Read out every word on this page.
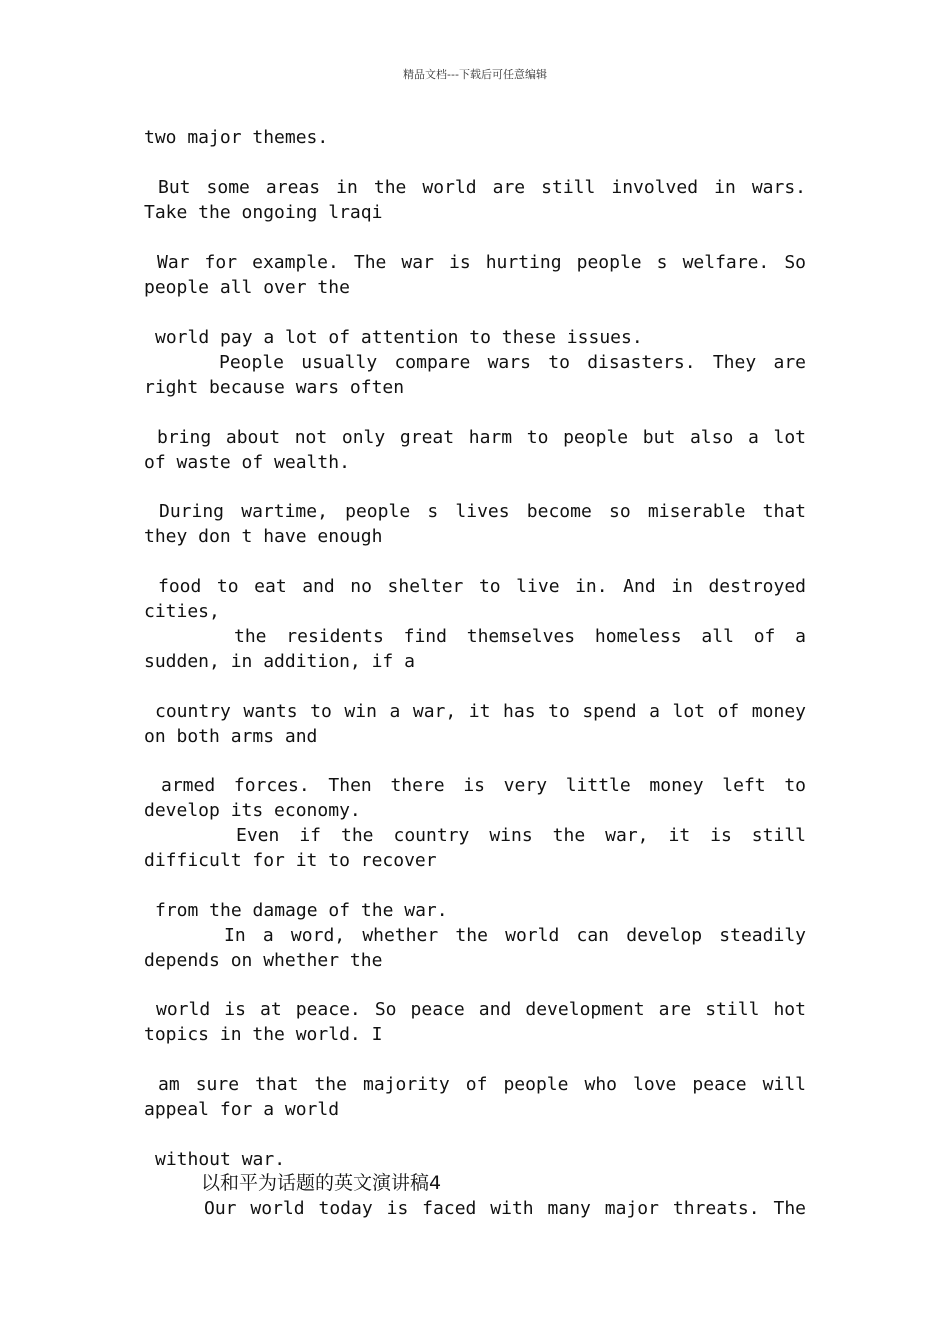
精品文档---下载后可任意编辑

two major themes.

But some areas in the world are still involved in wars.

Take the ongoing lraqi

War for example. The war is hurting people s welfare. So

people all over the

world pay a lot of attention to these issues.

People usually compare wars to disasters. They are

right because wars often

bring about not only great harm to people but also a lot

of waste of wealth.

During wartime, people s lives become so miserable that

they don t have enough

food to eat and no shelter to live in. And in destroyed

cities,

the residents find themselves homeless all of a

sudden, in addition, if a

country wants to win a war, it has to spend a lot of money

on both arms and

armed forces. Then there is very little money left to

develop its economy.

Even if the country wins the war, it is still

difficult for it to recover

from the damage of the war.

In a word, whether the world can develop steadily

depends on whether the

world is at peace. So peace and development are still hot

topics in the world. I

am sure that the majority of people who love peace will

appeal for a world

without war.

以和平为话题的英文演讲稿4

Our world today is faced with many major threats. The
